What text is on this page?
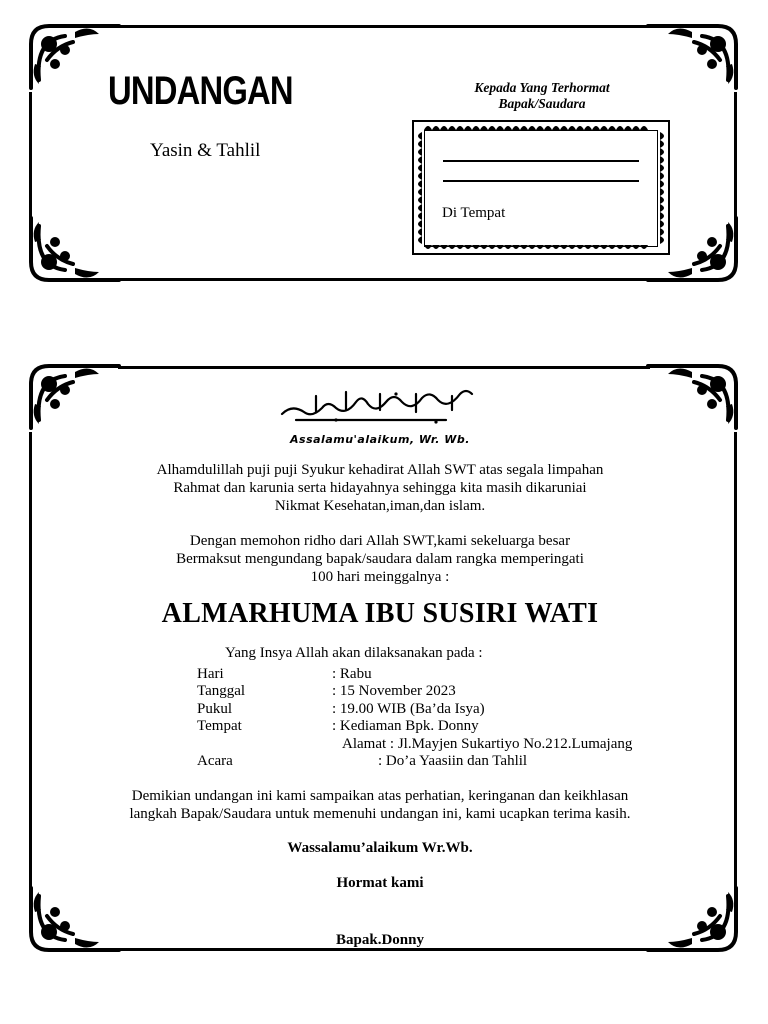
UNDANGAN
Yasin & Tahlil
Kepada Yang Terhormat
Bapak/Saudara
Di Tempat
Assalamu'alaikum, Wr. Wb.
Alhamdulillah puji puji Syukur kehadirat Allah SWT atas segala limpahan
Rahmat dan karunia serta hidayahnya sehingga kita masih dikaruniai
Nikmat Kesehatan,iman,dan islam.
Dengan memohon ridho dari Allah SWT,kami sekeluarga besar
Bermaksut mengundang bapak/saudara dalam rangka memperingati
100 hari meinggalnya :
ALMARHUMA IBU SUSIRI WATI
Yang Insya Allah akan dilaksanakan pada :
Hari	: Rabu
Tanggal	: 15 November 2023
Pukul	: 19.00 WIB (Ba’da Isya)
Tempat	: Kediaman Bpk. Donny
Alamat : Jl.Mayjen Sukartiyo No.212.Lumajang
Acara	: Do’a Yaasiin dan Tahlil
Demikian undangan ini kami sampaikan atas perhatian, keringanan dan keikhlasan
langkah Bapak/Saudara untuk memenuhi undangan ini, kami ucapkan terima kasih.
Wassalamu’alaikum Wr.Wb.
Hormat kami
Bapak.Donny
